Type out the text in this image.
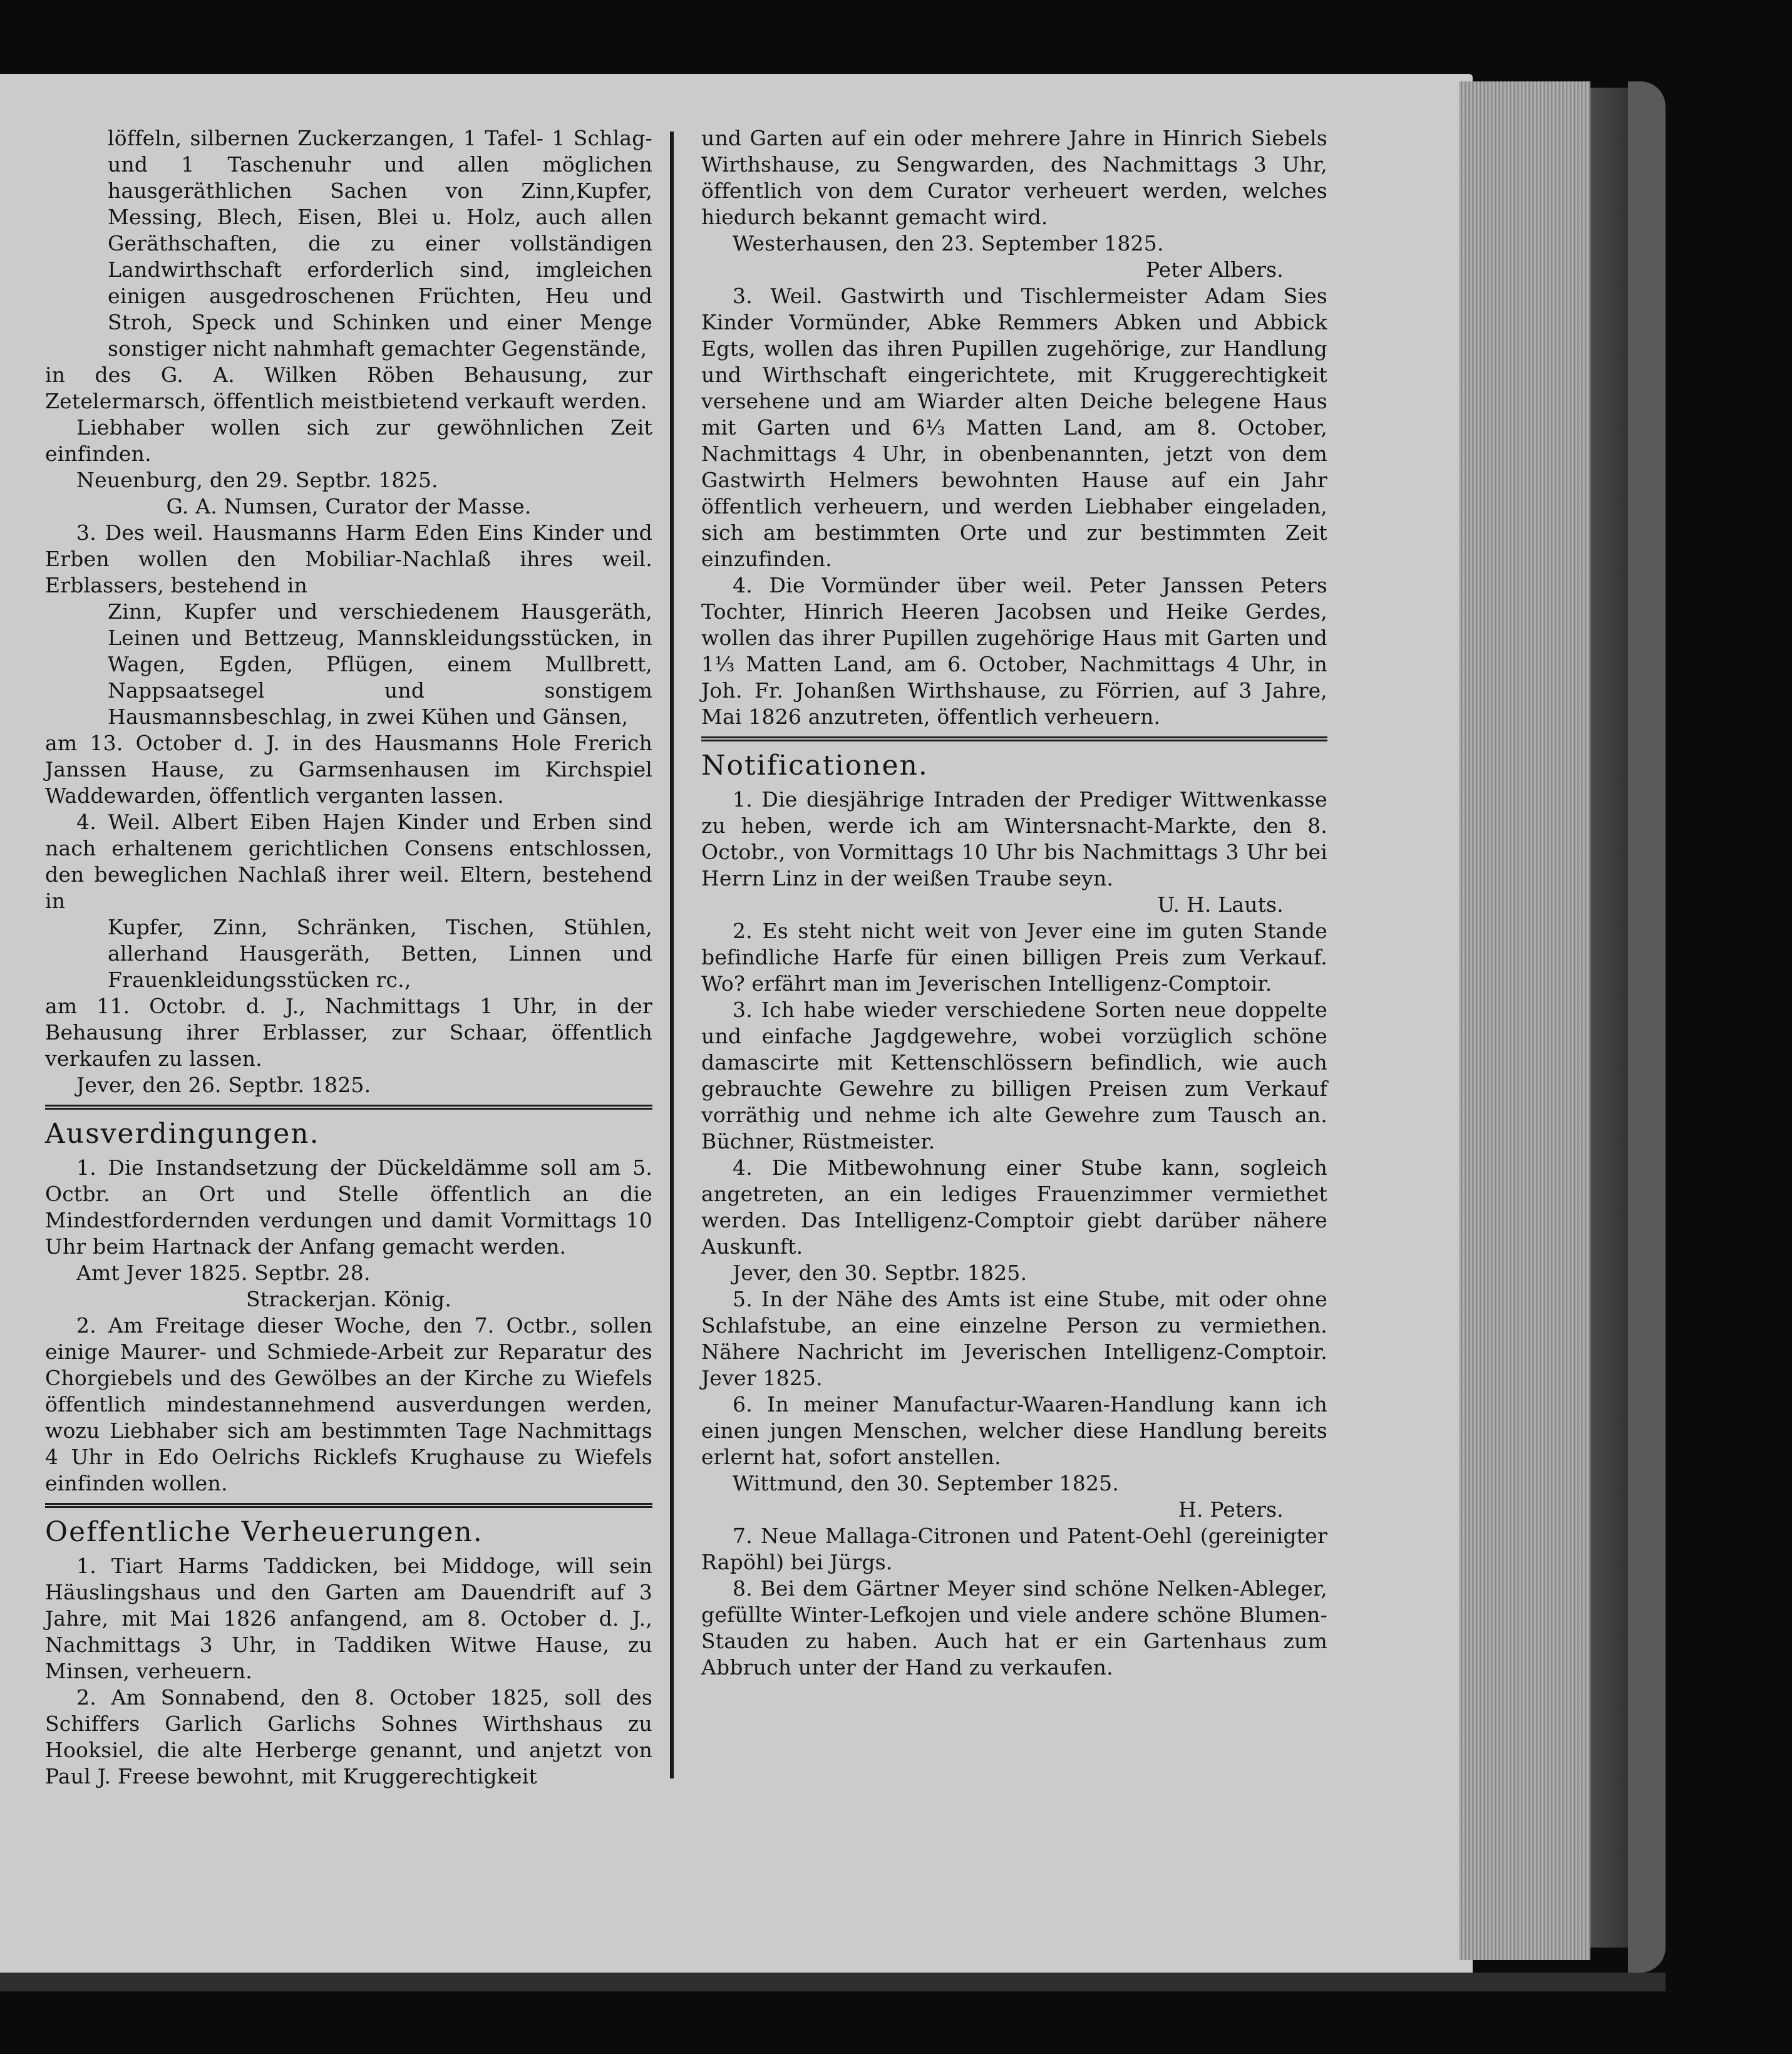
löffeln, silbernen Zuckerzangen, 1 Tafel- 1 Schlag- und 1 Taschenuhr und allen möglichen hausgeräthlichen Sachen von Zinn,Kupfer, Messing, Blech, Eisen, Blei u. Holz, auch allen Geräthschaften, die zu einer vollständigen Landwirthschaft erforderlich sind, imgleichen einigen ausgedroschenen Früchten, Heu und Stroh, Speck und Schinken und einer Menge sonstiger nicht nahmhaft gemachter Gegenstände,

in des G. A. Wilken Röben Behausung, zur Zetelermarsch, öffentlich meistbietend verkauft werden.

Liebhaber wollen sich zur gewöhnlichen Zeit einfinden.

Neuenburg, den 29. Septbr. 1825.

G. A. Numsen, Curator der Masse.

3. Des weil. Hausmanns Harm Eden Eins Kinder und Erben wollen den Mobiliar-Nachlaß ihres weil. Erblassers, bestehend in

Zinn, Kupfer und verschiedenem Hausgeräth, Leinen und Bettzeug, Mannskleidungsstücken, in Wagen, Egden, Pflügen, einem Mullbrett, Nappsaatsegel und sonstigem Hausmannsbeschlag, in zwei Kühen und Gänsen,

am 13. October d. J. in des Hausmanns Hole Frerich Janssen Hause, zu Garmsenhausen im Kirchspiel Waddewarden, öffentlich verganten lassen.

4. Weil. Albert Eiben Hajen Kinder und Erben sind nach erhaltenem gerichtlichen Consens entschlossen, den beweglichen Nachlaß ihrer weil. Eltern, bestehend in

Kupfer, Zinn, Schränken, Tischen, Stühlen, allerhand Hausgeräth, Betten, Linnen und Frauenkleidungsstücken rc.,

am 11. Octobr. d. J., Nachmittags 1 Uhr, in der Behausung ihrer Erblasser, zur Schaar, öffentlich verkaufen zu lassen.

Jever, den 26. Septbr. 1825.

Ausverdingungen.

1. Die Instandsetzung der Dückeldämme soll am 5. Octbr. an Ort und Stelle öffentlich an die Mindestfordernden verdungen und damit Vormittags 10 Uhr beim Hartnack der Anfang gemacht werden.

Amt Jever 1825. Septbr. 28.

Strackerjan. König.

2. Am Freitage dieser Woche, den 7. Octbr., sollen einige Maurer- und Schmiede-Arbeit zur Reparatur des Chorgiebels und des Gewölbes an der Kirche zu Wiefels öffentlich mindestannehmend ausverdungen werden, wozu Liebhaber sich am bestimmten Tage Nachmittags 4 Uhr in Edo Oelrichs Ricklefs Krughause zu Wiefels einfinden wollen.

Oeffentliche Verheuerungen.

1. Tiart Harms Taddicken, bei Middoge, will sein Häuslingshaus und den Garten am Dauendrift auf 3 Jahre, mit Mai 1826 anfangend, am 8. October d. J., Nachmittags 3 Uhr, in Taddiken Witwe Hause, zu Minsen, verheuern.

2. Am Sonnabend, den 8. October 1825, soll des Schiffers Garlich Garlichs Sohnes Wirthshaus zu Hooksiel, die alte Herberge genannt, und anjetzt von Paul J. Freese bewohnt, mit Kruggerechtigkeit

und Garten auf ein oder mehrere Jahre in Hinrich Siebels Wirthshause, zu Sengwarden, des Nachmittags 3 Uhr, öffentlich von dem Curator verheuert werden, welches hiedurch bekannt gemacht wird.

Westerhausen, den 23. September 1825.

Peter Albers.

3. Weil. Gastwirth und Tischlermeister Adam Sies Kinder Vormünder, Abke Remmers Abken und Abbick Egts, wollen das ihren Pupillen zugehörige, zur Handlung und Wirthschaft eingerichtete, mit Kruggerechtigkeit versehene und am Wiarder alten Deiche belegene Haus mit Garten und 6⅓ Matten Land, am 8. October, Nachmittags 4 Uhr, in obenbenannten, jetzt von dem Gastwirth Helmers bewohnten Hause auf ein Jahr öffentlich verheuern, und werden Liebhaber eingeladen, sich am bestimmten Orte und zur bestimmten Zeit einzufinden.

4. Die Vormünder über weil. Peter Janssen Peters Tochter, Hinrich Heeren Jacobsen und Heike Gerdes, wollen das ihrer Pupillen zugehörige Haus mit Garten und 1⅓ Matten Land, am 6. October, Nachmittags 4 Uhr, in Joh. Fr. Johanßen Wirthshause, zu Förrien, auf 3 Jahre, Mai 1826 anzutreten, öffentlich verheuern.

Notificationen.

1. Die diesjährige Intraden der Prediger Wittwenkasse zu heben, werde ich am Wintersnacht-Markte, den 8. Octobr., von Vormittags 10 Uhr bis Nachmittags 3 Uhr bei Herrn Linz in der weißen Traube seyn.

U. H. Lauts.

2. Es steht nicht weit von Jever eine im guten Stande befindliche Harfe für einen billigen Preis zum Verkauf. Wo? erfährt man im Jeverischen Intelligenz-Comptoir.

3. Ich habe wieder verschiedene Sorten neue doppelte und einfache Jagdgewehre, wobei vorzüglich schöne damascirte mit Kettenschlössern befindlich, wie auch gebrauchte Gewehre zu billigen Preisen zum Verkauf vorräthig und nehme ich alte Gewehre zum Tausch an. Büchner, Rüstmeister.

4. Die Mitbewohnung einer Stube kann, sogleich angetreten, an ein lediges Frauenzimmer vermiethet werden. Das Intelligenz-Comptoir giebt darüber nähere Auskunft.

Jever, den 30. Septbr. 1825.

5. In der Nähe des Amts ist eine Stube, mit oder ohne Schlafstube, an eine einzelne Person zu vermiethen. Nähere Nachricht im Jeverischen Intelligenz-Comptoir. Jever 1825.

6. In meiner Manufactur-Waaren-Handlung kann ich einen jungen Menschen, welcher diese Handlung bereits erlernt hat, sofort anstellen.

Wittmund, den 30. September 1825.

H. Peters.

7. Neue Mallaga-Citronen und Patent-Oehl (gereinigter Rapöhl) bei Jürgs.

8. Bei dem Gärtner Meyer sind schöne Nelken-Ableger, gefüllte Winter-Lefkojen und viele andere schöne Blumen-Stauden zu haben. Auch hat er ein Gartenhaus zum Abbruch unter der Hand zu verkaufen.
